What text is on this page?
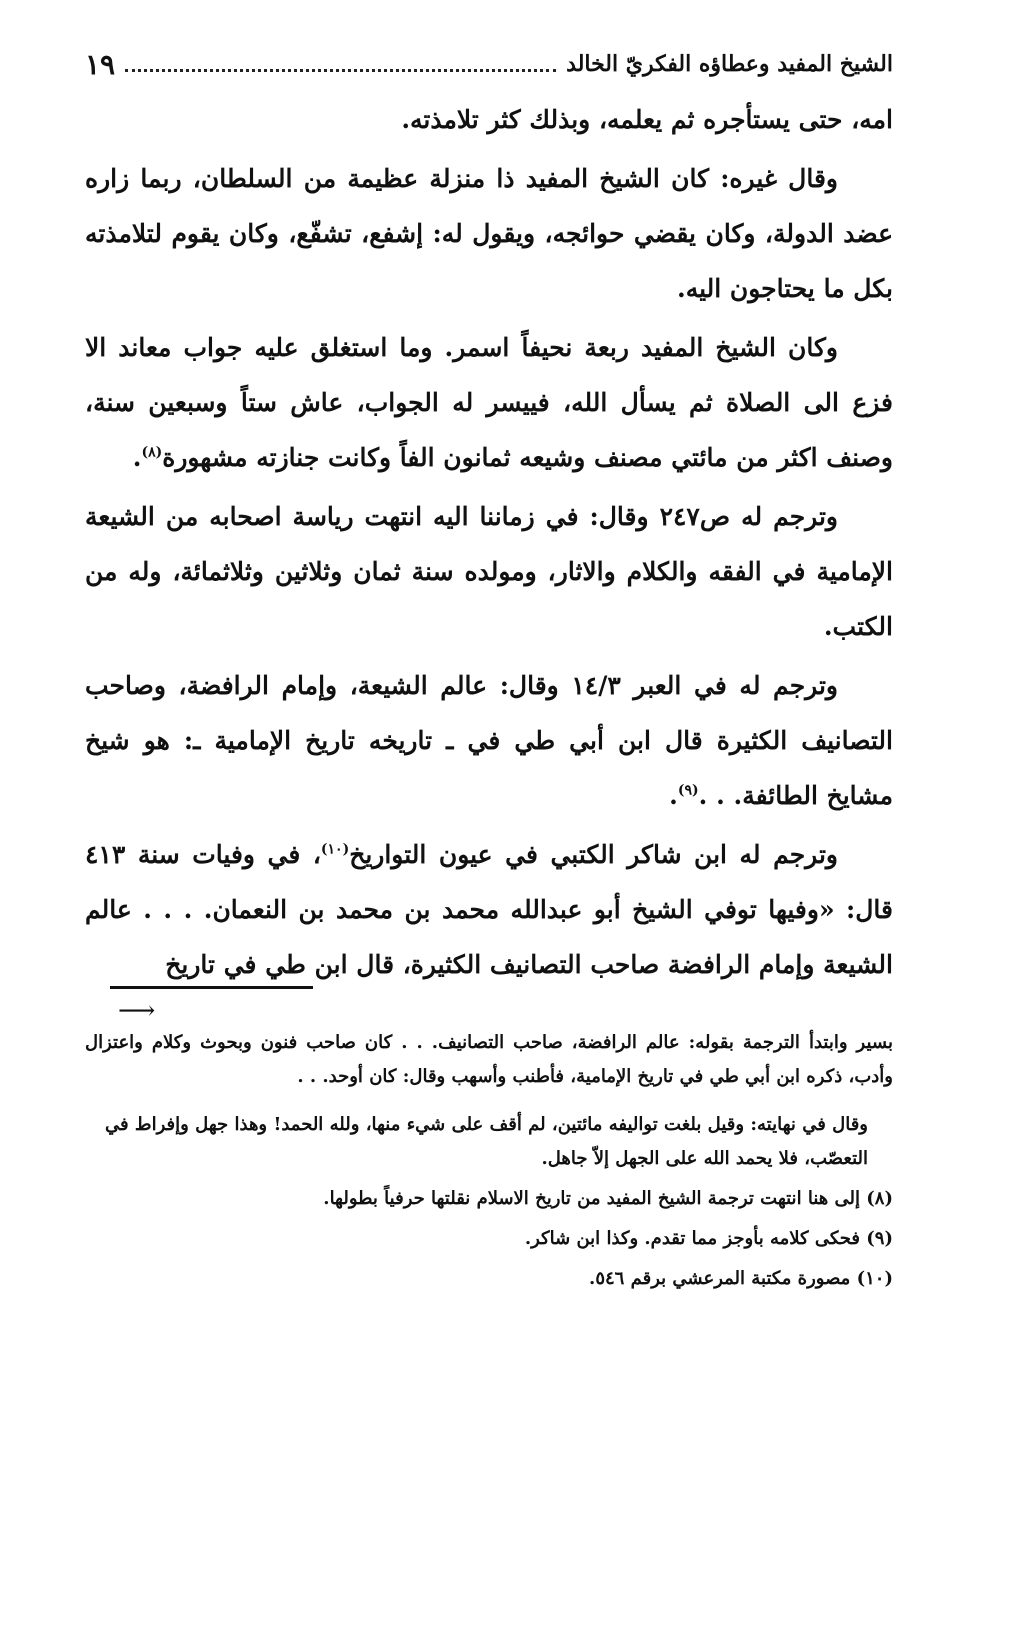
الشيخ المفيد وعطاؤه الفكريّ الخالد
١٩

امه، حتى يستأجره ثم يعلمه، وبذلك كثر تلامذته.

وقال غيره: كان الشيخ المفيد ذا منزلة عظيمة من السلطان، ربما زاره عضد الدولة، وكان يقضي حوائجه، ويقول له: إشفع، تشفّع، وكان يقوم لتلامذته بكل ما يحتاجون اليه.

وكان الشيخ المفيد ربعة نحيفاً اسمر. وما استغلق عليه جواب معاند الا فزع الى الصلاة ثم يسأل الله، فييسر له الجواب، عاش ستاً وسبعين سنة، وصنف اكثر من مائتي مصنف وشيعه ثمانون الفاً وكانت جنازته مشهورة$^{(٨)}$.

وترجم له ص٢٤٧ وقال: في زماننا اليه انتهت رياسة اصحابه من الشيعة الإمامية في الفقه والكلام والاثار، ومولده سنة ثمان وثلاثين وثلاثمائة، وله من الكتب.

وترجم له في العبر ١٤/٣ وقال: عالم الشيعة، وإمام الرافضة، وصاحب التصانيف الكثيرة قال ابن أبي طي في ـ تاريخه تاريخ الإمامية ـ: هو شيخ مشايخ الطائفة. . .$^{(٩)}$.

وترجم له ابن شاكر الكتبي في عيون التواريخ$^{(١٠)}$، في وفيات سنة ٤١٣ قال: «وفيها توفي الشيخ أبو عبدالله محمد بن محمد بن النعمان. . . . عالم الشيعة وإمام الرافضة صاحب التصانيف الكثيرة، قال ابن طي في تاريخ

⟶

بسير وابتدأ الترجمة بقوله: عالم الرافضة، صاحب التصانيف. . . كان صاحب فنون وبحوث وكلام واعتزال وأدب، ذكره ابن أبي طي في تاريخ الإمامية، فأطنب وأسهب وقال: كان أوحد. . .

وقال في نهايته: وقيل بلغت تواليفه مائتين، لم أقف على شيء منها، ولله الحمد! وهذا جهل وإفراط في التعصّب، فلا يحمد الله على الجهل إلاّ جاهل.

(٨) إلى هنا انتهت ترجمة الشيخ المفيد من تاريخ الاسلام نقلتها حرفياً بطولها.

(٩) فحكى كلامه بأوجز مما تقدم. وكذا ابن شاكر.

(١٠) مصورة مكتبة المرعشي برقم ٥٤٦.
